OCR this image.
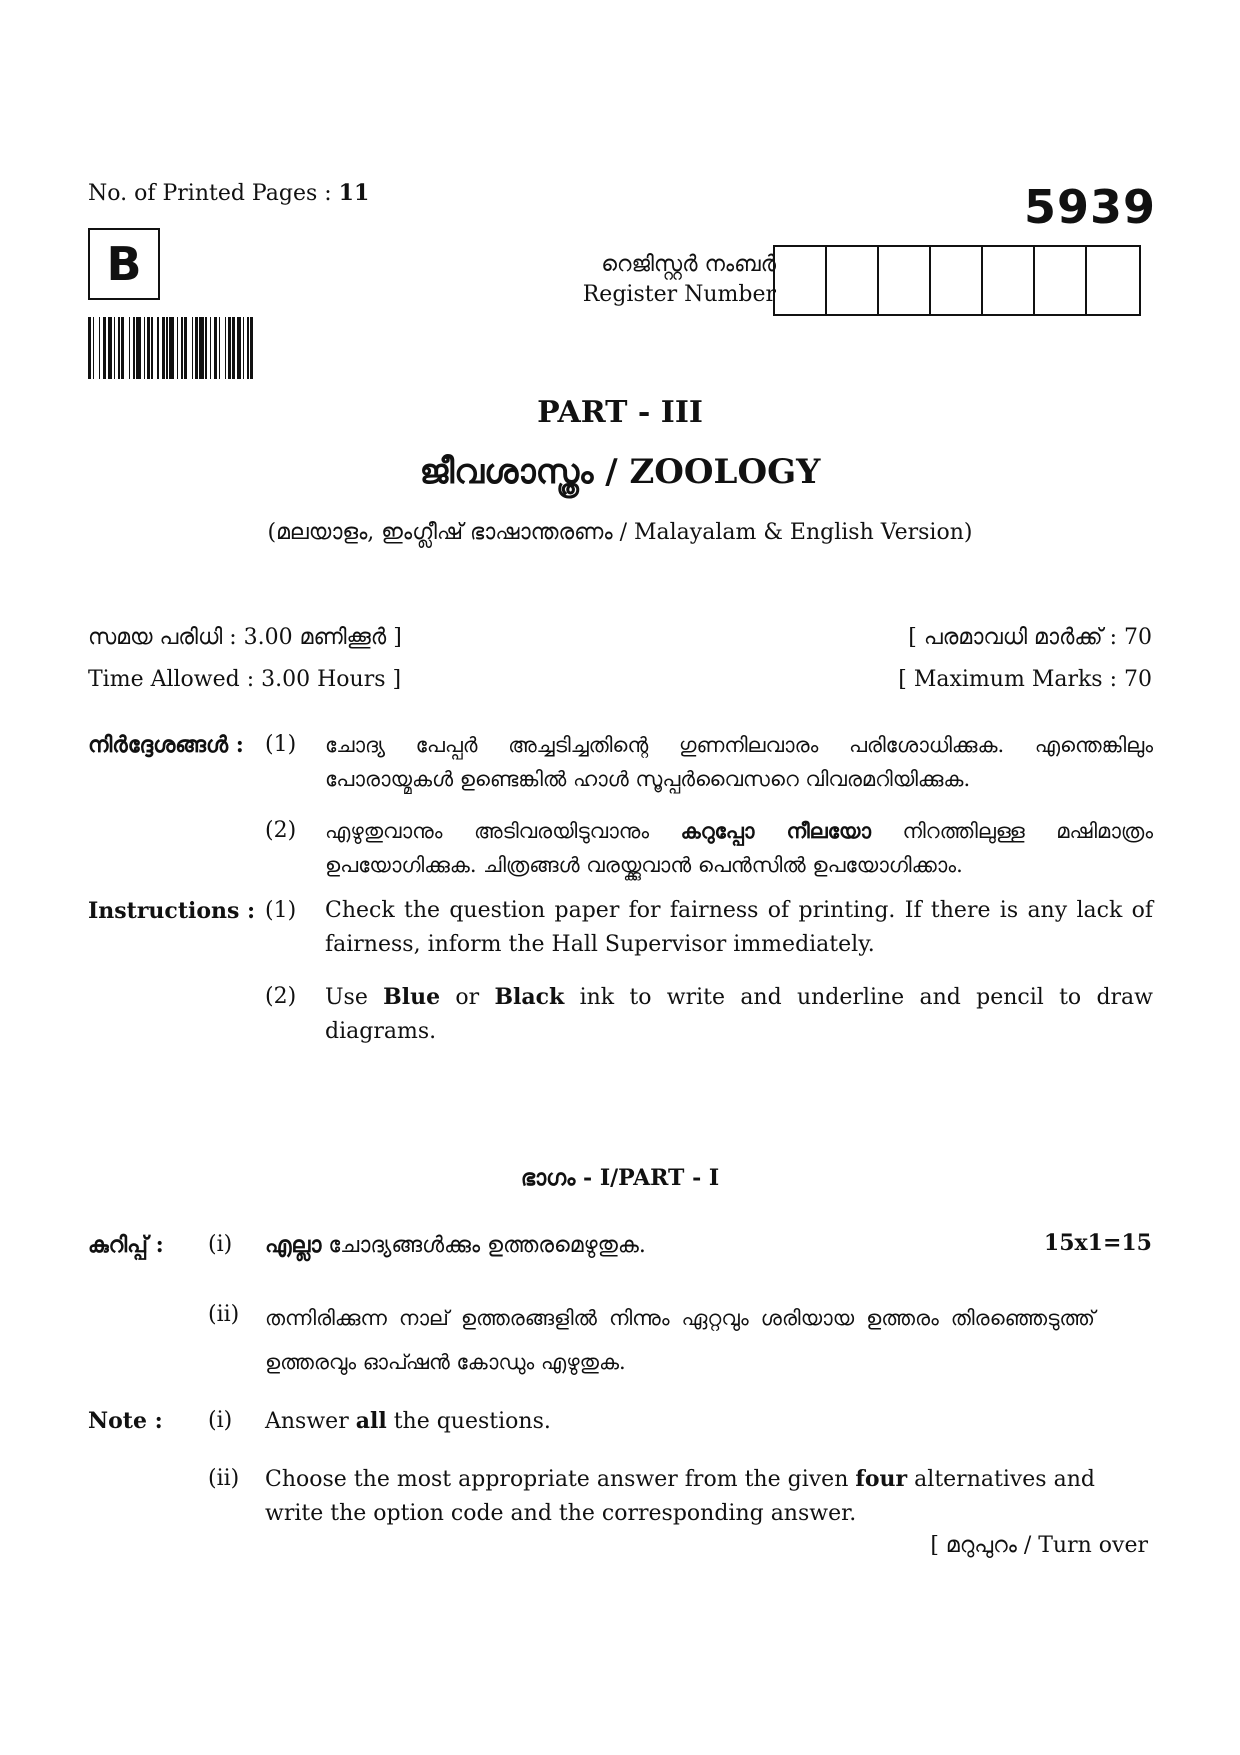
No. of Printed Pages : 11	5939
B	റെജിസ്റ്റർ നംബർ
Register Number
PART - III
ജീവശാസ്ത്രം / ZOOLOGY
(മലയാളം, ഇംഗ്ലീഷ് ഭാഷാന്തരണം / Malayalam & English Version)
സമയ പരിധി : 3.00 മണിക്കൂർ ]	[ പരമാവധി മാർക്ക് : 70
Time Allowed : 3.00 Hours ]	[ Maximum Marks : 70
നിർദ്ദേശങ്ങൾ : (1) ചോദ്യ പേപ്പർ അച്ചടിച്ചതിന്റെ ഗുണനിലവാരം പരിശോധിക്കുക. എന്തെങ്കിലും പോരായ്മകൾ ഉണ്ടെങ്കിൽ ഹാൾ സൂപ്പർവൈസറെ വിവരമറിയിക്കുക.
(2) എഴുതുവാനും അടിവരയിടുവാനും കറുപ്പോ നീലയോ നിറത്തിലുള്ള മഷിമാത്രം ഉപയോഗിക്കുക. ചിത്രങ്ങൾ വരയ്ക്കുവാൻ പെൻസിൽ ഉപയോഗിക്കാം.
Instructions : (1) Check the question paper for fairness of printing. If there is any lack of fairness, inform the Hall Supervisor immediately.
(2) Use Blue or Black ink to write and underline and pencil to draw diagrams.
ഭാഗം - I/PART - I
കുറിപ്പ് : (i) എല്ലാ ചോദ്യങ്ങൾക്കും ഉത്തരമെഴുതുക.	15x1=15
(ii) തന്നിരിക്കുന്ന നാല് ഉത്തരങ്ങളിൽ നിന്നും ഏറ്റവും ശരിയായ ഉത്തരം തിരഞ്ഞെടുത്ത് ഉത്തരവും ഓപ്ഷൻ കോഡും എഴുതുക.
Note : (i) Answer all the questions.
(ii) Choose the most appropriate answer from the given four alternatives and write the option code and the corresponding answer.
[ മറുപുറം / Turn over
